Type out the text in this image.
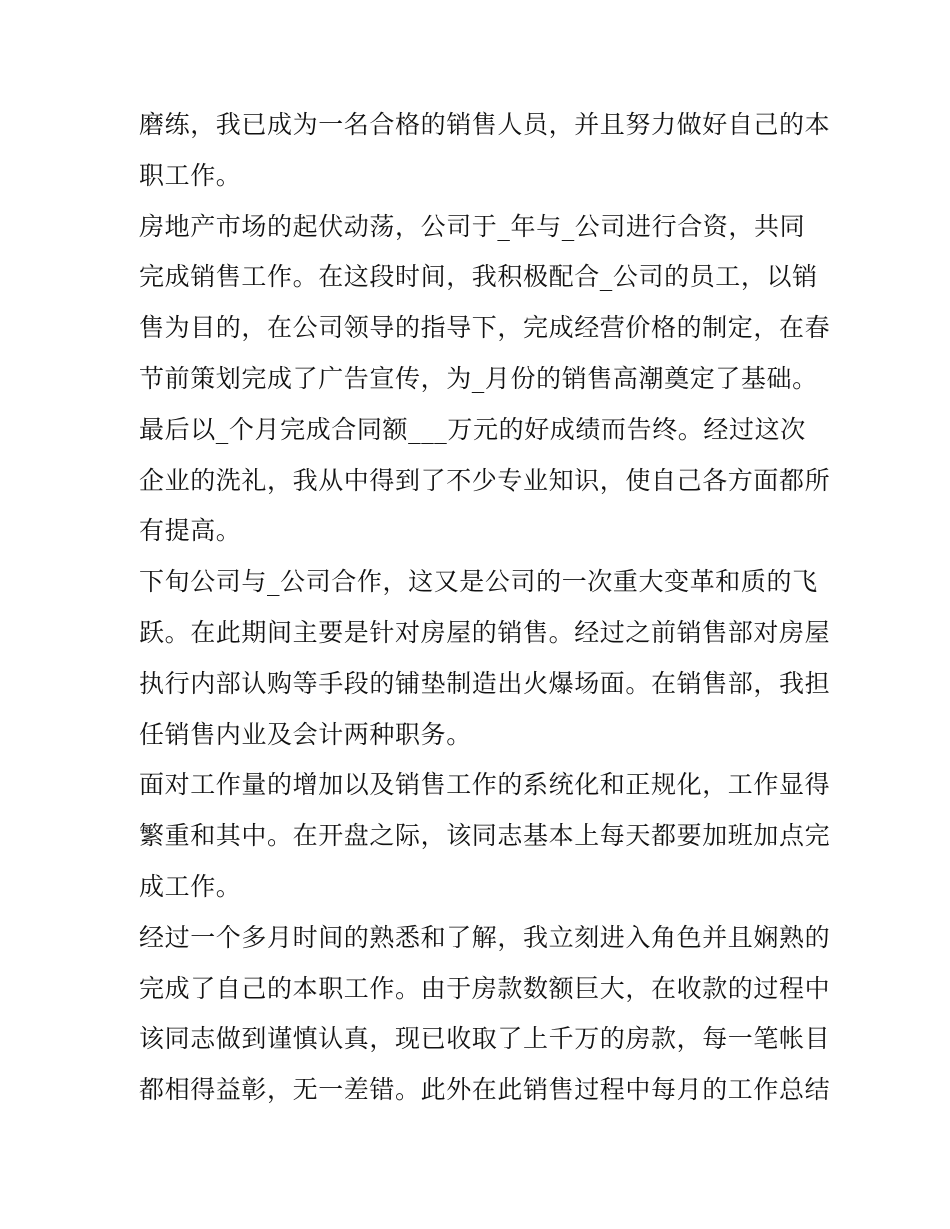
磨练，我已成为一名合格的销售人员，并且努力做好自己的本
职工作。
房地产市场的起伏动荡，公司于_年与_公司进行合资，共同
完成销售工作。在这段时间，我积极配合_公司的员工，以销
售为目的，在公司领导的指导下，完成经营价格的制定，在春
节前策划完成了广告宣传，为_月份的销售高潮奠定了基础。
最后以_个月完成合同额___万元的好成绩而告终。经过这次
企业的洗礼，我从中得到了不少专业知识，使自己各方面都所
有提高。
下旬公司与_公司合作，这又是公司的一次重大变革和质的飞
跃。在此期间主要是针对房屋的销售。经过之前销售部对房屋
执行内部认购等手段的铺垫制造出火爆场面。在销售部，我担
任销售内业及会计两种职务。
面对工作量的增加以及销售工作的系统化和正规化，工作显得
繁重和其中。在开盘之际，该同志基本上每天都要加班加点完
成工作。
经过一个多月时间的熟悉和了解，我立刻进入角色并且娴熟的
完成了自己的本职工作。由于房款数额巨大，在收款的过程中
该同志做到谨慎认真，现已收取了上千万的房款，每一笔帐目
都相得益彰，无一差错。此外在此销售过程中每月的工作总结
